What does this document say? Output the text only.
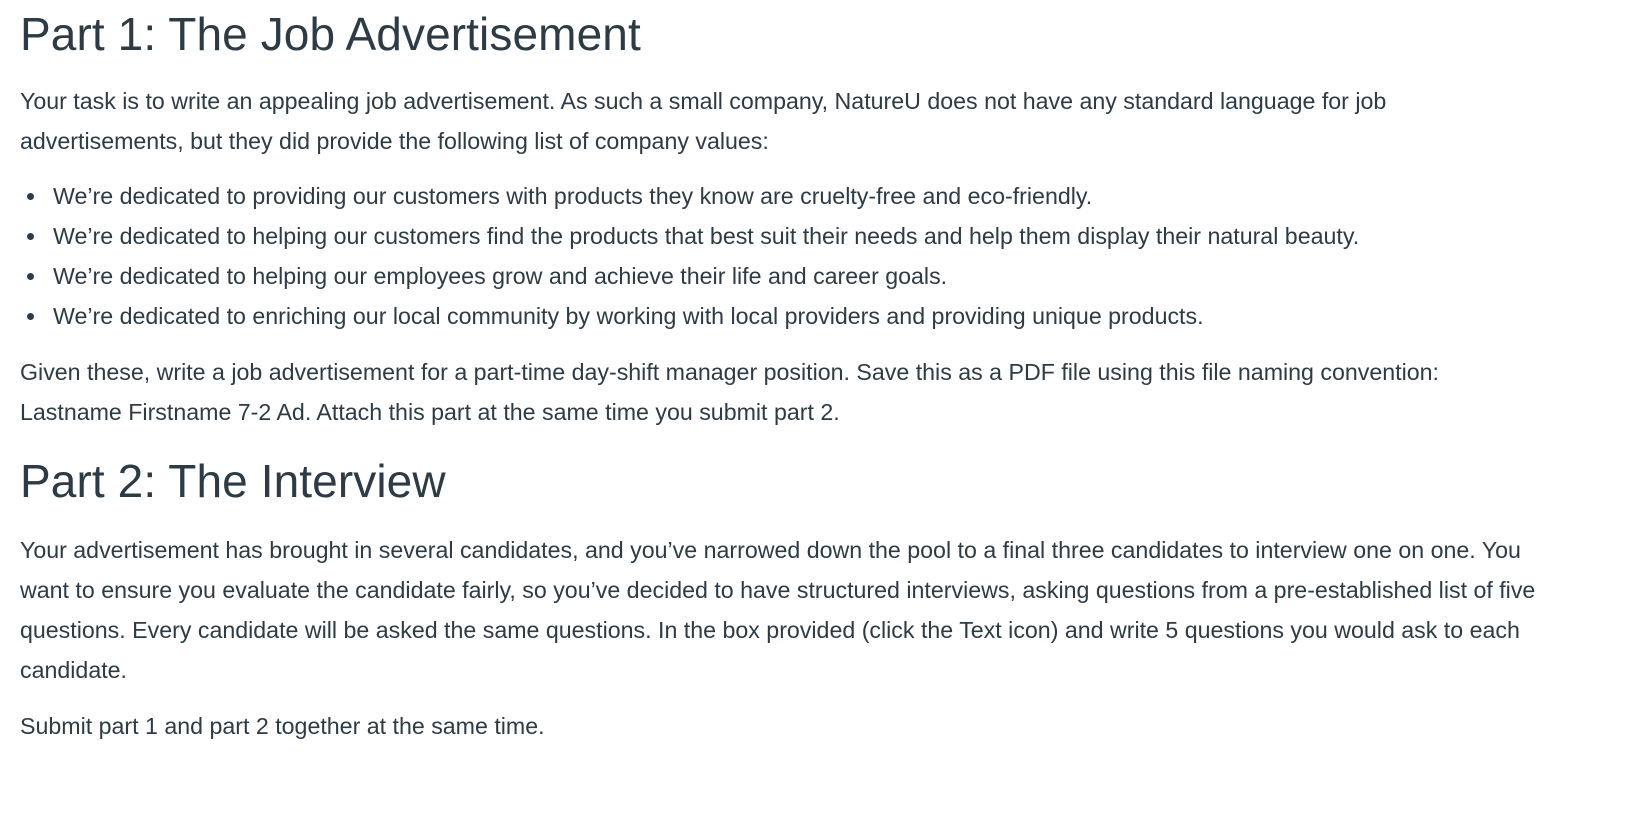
Part 1: The Job Advertisement

Your task is to write an appealing job advertisement. As such a small company, NatureU does not have any standard language for job advertisements, but they did provide the following list of company values:

We’re dedicated to providing our customers with products they know are cruelty-free and eco-friendly.
We’re dedicated to helping our customers find the products that best suit their needs and help them display their natural beauty.
We’re dedicated to helping our employees grow and achieve their life and career goals.
We’re dedicated to enriching our local community by working with local providers and providing unique products.

Given these, write a job advertisement for a part-time day-shift manager position. Save this as a PDF file using this file naming convention: Lastname Firstname 7-2 Ad. Attach this part at the same time you submit part 2.

Part 2: The Interview

Your advertisement has brought in several candidates, and you’ve narrowed down the pool to a final three candidates to interview one on one. You want to ensure you evaluate the candidate fairly, so you’ve decided to have structured interviews, asking questions from a pre-established list of five questions. Every candidate will be asked the same questions. In the box provided (click the Text icon) and write 5 questions you would ask to each candidate.

Submit part 1 and part 2 together at the same time.
